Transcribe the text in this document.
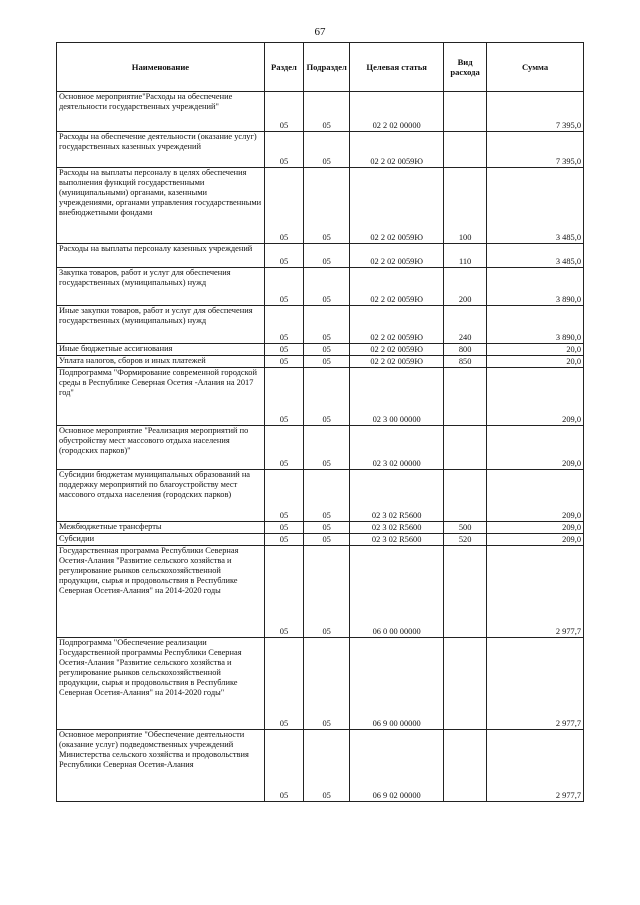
67
Наименование	Раздел	Подраздел	Целевая статья	Вид расхода	Сумма
Основное мероприятие"Расходы на обеспечение деятельности государственных учреждений"	05	05	02 2 02 00000		7 395,0
Расходы на обеспечение деятельности (оказание услуг) государственных казенных учреждений	05	05	02 2 02 0059Ю		7 395,0
Расходы на выплаты персоналу в целях обеспечения выполнения функций государственными (муниципальными) органами, казенными учреждениями, органами управления государственными внебюджетными фондами	05	05	02 2 02 0059Ю	100	3 485,0
Расходы на выплаты персоналу казенных учреждений	05	05	02 2 02 0059Ю	110	3 485,0
Закупка товаров, работ и услуг для обеспечения государственных (муниципальных) нужд	05	05	02 2 02 0059Ю	200	3 890,0
Иные закупки товаров, работ и услуг для обеспечения государственных (муниципальных) нужд	05	05	02 2 02 0059Ю	240	3 890,0
Иные бюджетные ассигнования	05	05	02 2 02 0059Ю	800	20,0
Уплата налогов, сборов и иных платежей	05	05	02 2 02 0059Ю	850	20,0
Подпрограмма "Формирование современной городской среды в Республике Северная Осетия -Алания на 2017 год"	05	05	02 3 00 00000		209,0
Основное мероприятие "Реализация мероприятий по обустройству мест массового отдыха населения (городских парков)"	05	05	02 3 02 00000		209,0
Субсидии бюджетам муниципальных образований на поддержку мероприятий по благоустройству мест массового отдыха населения (городских парков)	05	05	02 3 02 R5600		209,0
Межбюджетные трансферты	05	05	02 3 02 R5600	500	209,0
Субсидии	05	05	02 3 02 R5600	520	209,0
Государственная программа Республики Северная Осетия-Алания "Развитие сельского хозяйства и регулирование рынков сельскохозяйственной продукции, сырья и продовольствия в Республике Северная Осетия-Алания" на 2014-2020 годы	05	05	06 0 00 00000		2 977,7
Подпрограмма "Обеспечение реализации Государственной программы Республики Северная Осетия-Алания "Развитие сельского хозяйства и регулирование рынков сельскохозяйственной продукции, сырья и продовольствия в Республике Северная Осетия-Алания" на 2014-2020 годы"	05	05	06 9 00 00000		2 977,7
Основное мероприятие "Обеспечение деятельности (оказание услуг) подведомственных учреждений Министерства сельского хозяйства и продовольствия Республики Северная Осетия-Алания	05	05	06 9 02 00000		2 977,7
